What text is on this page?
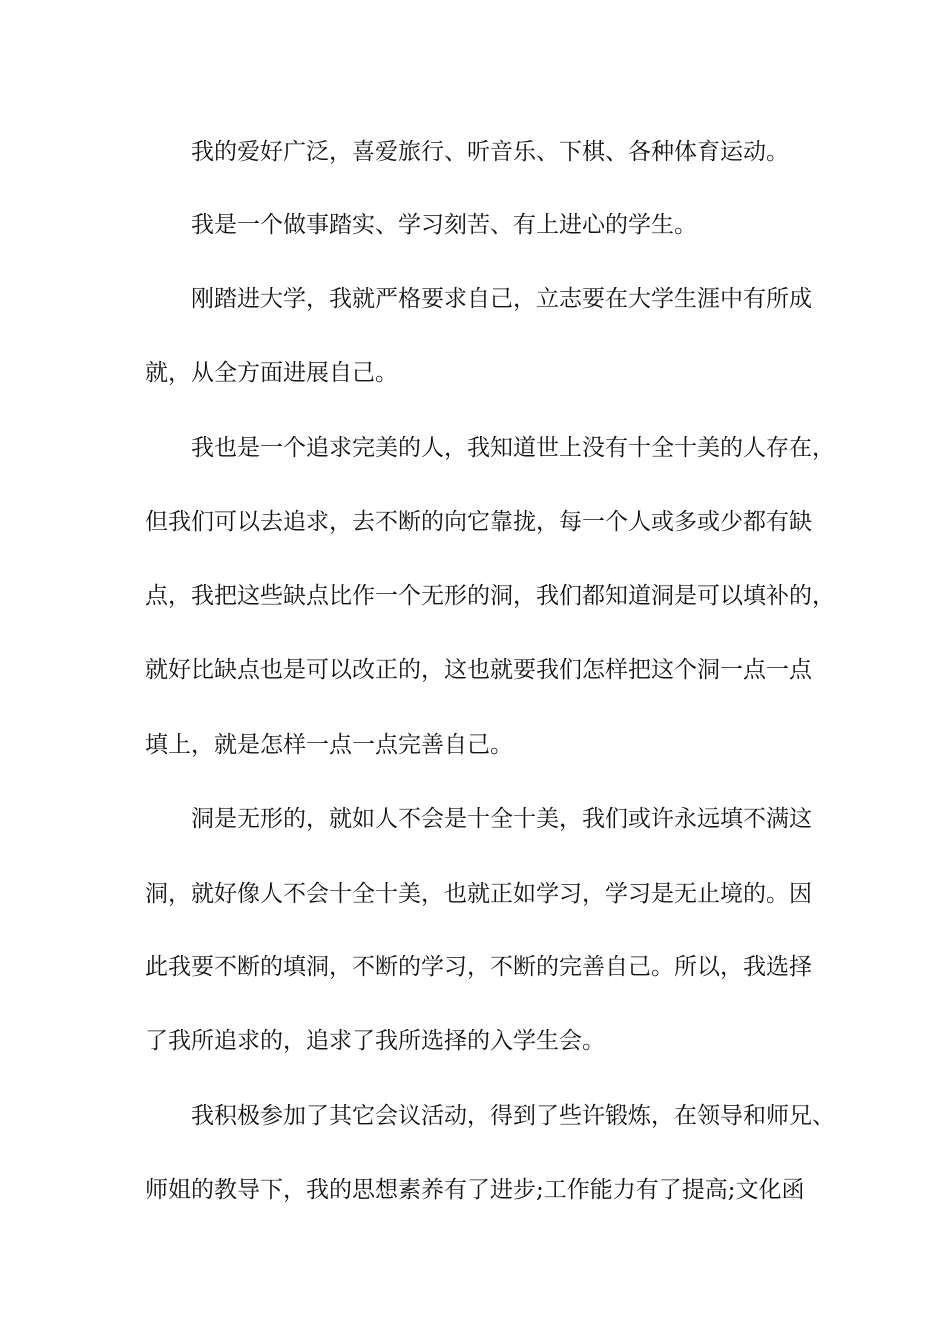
我的爱好广泛，喜爱旅行、听音乐、下棋、各种体育运动。
我是一个做事踏实、学习刻苦、有上进心的学生。
刚踏进大学，我就严格要求自己，立志要在大学生涯中有所成
就，从全方面进展自己。
我也是一个追求完美的人，我知道世上没有十全十美的人存在，
但我们可以去追求，去不断的向它靠拢，每一个人或多或少都有缺
点，我把这些缺点比作一个无形的洞，我们都知道洞是可以填补的，
就好比缺点也是可以改正的，这也就要我们怎样把这个洞一点一点
填上，就是怎样一点一点完善自己。
洞是无形的，就如人不会是十全十美，我们或许永远填不满这
洞，就好像人不会十全十美，也就正如学习，学习是无止境的。因
此我要不断的填洞，不断的学习，不断的完善自己。所以，我选择
了我所追求的，追求了我所选择的入学生会。
我积极参加了其它会议活动，得到了些许锻炼，在领导和师兄、
师姐的教导下，我的思想素养有了进步;工作能力有了提高;文化函
